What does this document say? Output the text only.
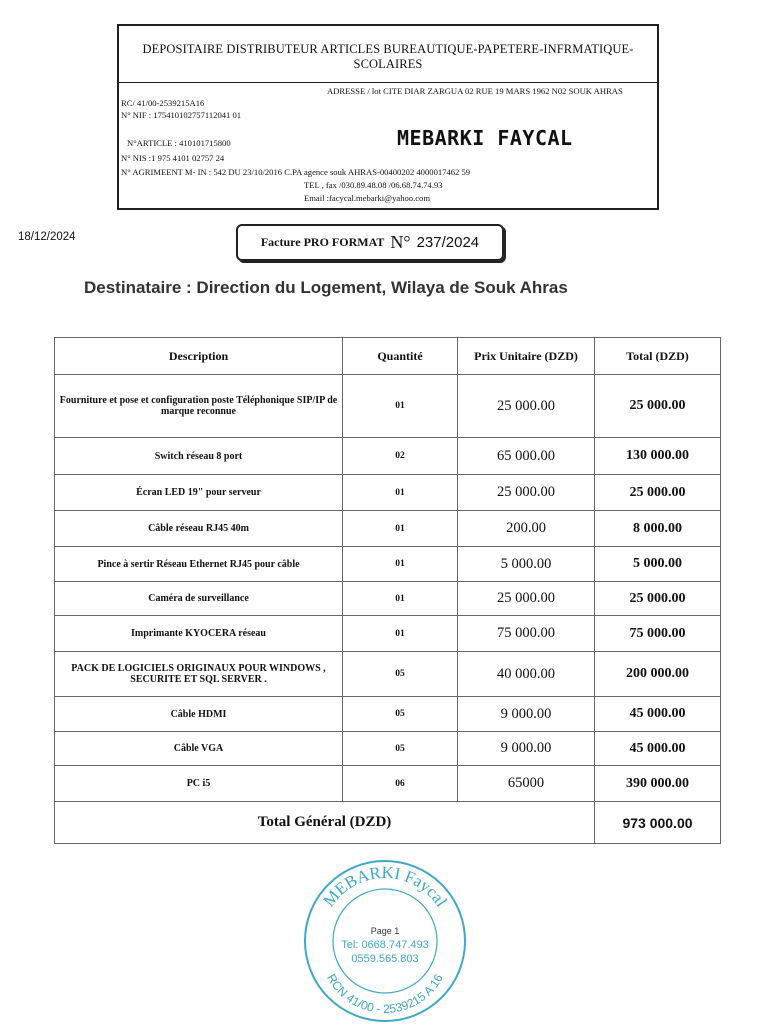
DEPOSITAIRE DISTRIBUTEUR ARTICLES BUREAUTIQUE-PAPETERE-INFRMATIQUE-SCOLAIRES
ADRESSE / lot CITE DIAR ZARGUA 02 RUE 19 MARS 1962 N02 SOUK AHRAS
RC/ 41/00-2539215A16
N° NIF : 175410102757112041 01
N°ARTICLE : 410101715800	MEBARKI FAYCAL
N° NIS :1 975 4101 02757 24
N° AGRIMEENT M- IN : 542 DU 23/10/2016 C.PA agence souk AHRAS-00400202 4000017462 59
TEL , fax /030.89.48.08 /06.68.74.74.93
Email :facycal.mebarki@yahoo.com
18/12/2024	Facture PRO FORMAT N° 237/2024
Destinataire : Direction du Logement, Wilaya de Souk Ahras
Description	Quantité	Prix Unitaire (DZD)	Total (DZD)
Fourniture et pose et configuration poste Téléphonique SIP/IP de marque reconnue	01	25 000.00	25 000.00
Switch réseau 8 port	02	65 000.00	130 000.00
Écran LED 19" pour serveur	01	25 000.00	25 000.00
Câble réseau RJ45 40m	01	200.00	8 000.00
Pince à sertir Réseau Ethernet RJ45 pour câble	01	5 000.00	5 000.00
Caméra de surveillance	01	25 000.00	25 000.00
Imprimante KYOCERA réseau	01	75 000.00	75 000.00
PACK DE LOGICIELS ORIGINAUX POUR WINDOWS , SECURITE ET SQL SERVER .	05	40 000.00	200 000.00
Câble HDMI	05	9 000.00	45 000.00
Câble VGA	05	9 000.00	45 000.00
PC i5	06	65000	390 000.00
Total Général (DZD)			973 000.00
MEBARKI Faycal
RCN 41/00 - 2539215 A 16
Page 1
Tel: 0668.747.493
0559.565.803
